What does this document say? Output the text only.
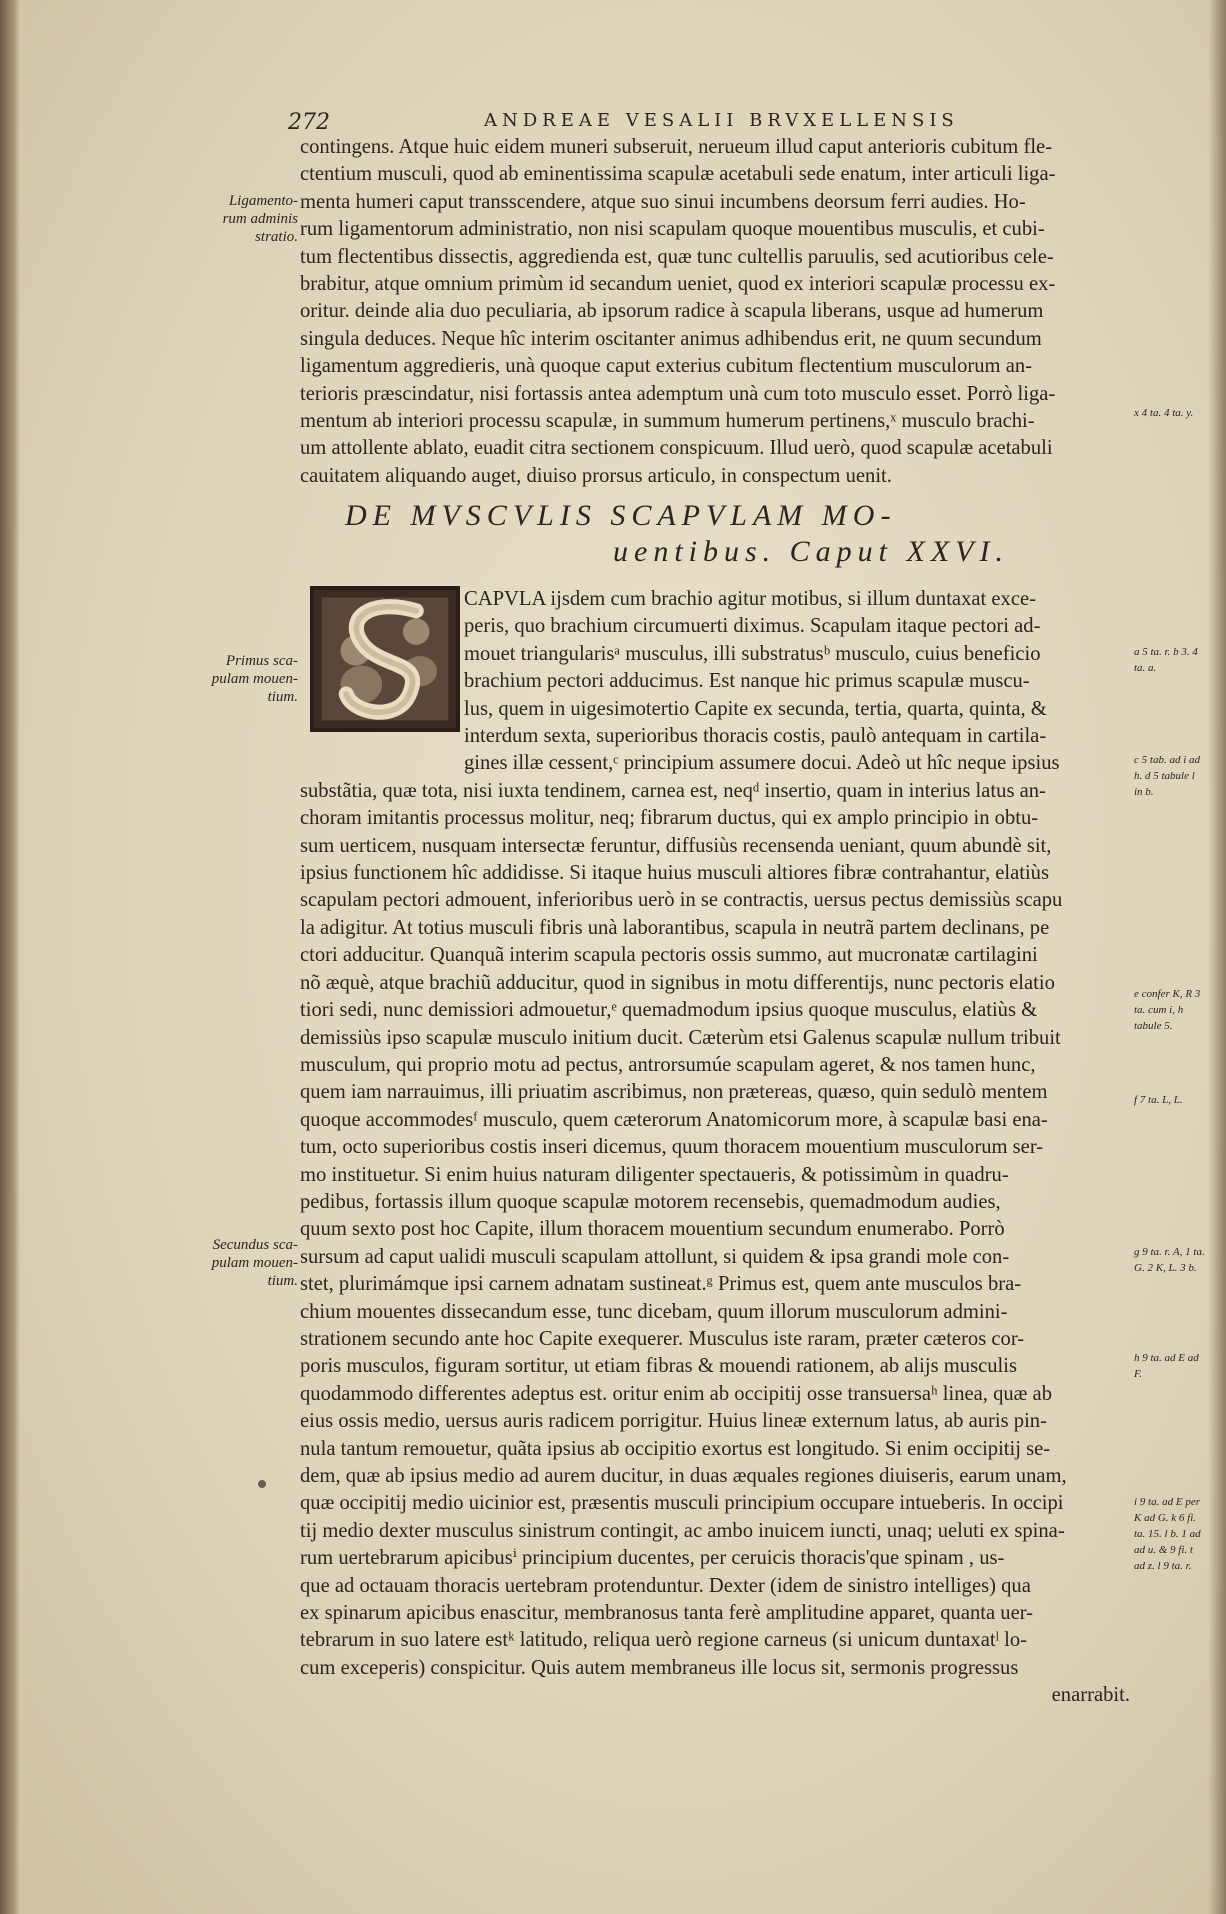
272	ANDREAE VESALII BRVXELLENSIS
contingens. Atque huic eidem muneri subseruit, nerueum illud caput anterioris cubitum fle-
ctentium musculi, quod ab eminentissima scapulæ acetabuli sede enatum, inter articuli liga-
menta humeri caput transscendere, atque suo sinui incumbens deorsum ferri audies. Ho-
rum ligamentorum administratio, non nisi scapulam quoque mouentibus musculis, et cubi-
tum flectentibus dissectis, aggredienda est, quæ tunc cultellis paruulis, sed acutioribus cele-
brabitur, atque omnium primùm id secandum ueniet, quod ex interiori scapulæ processu ex-
oritur. deinde alia duo peculiaria, ab ipsorum radice à scapula liberans, usque ad humerum
singula deduces. Neque hîc interim oscitanter animus adhibendus erit, ne quum secundum
ligamentum aggredieris, unà quoque caput exterius cubitum flectentium musculorum an-
terioris præscindatur, nisi fortassis antea ademptum unà cum toto musculo esset. Porrò liga-
mentum ab interiori processu scapulæ, in summum humerum pertinens,ˣ musculo brachi-
um attollente ablato, euadit citra sectionem conspicuum. Illud uerò, quod scapulæ acetabuli
cauitatem aliquando auget, diuiso prorsus articulo, in conspectum uenit.
Ligamento- rum adminis stratio.
x 4 ta. 4 ta. y.
DE MVSCVLIS SCAPVLAM MO-
uentibus. Caput XXVI.
CAPVLA ijsdem cum brachio agitur motibus, si illum duntaxat exce-
peris, quo brachium circumuerti diximus. Scapulam itaque pectori ad-
mouet triangularisᵃ musculus, illi substratusᵇ musculo, cuius beneficio
brachium pectori adducimus. Est nanque hic primus scapulæ muscu-
lus, quem in uigesimotertio Capite ex secunda, tertia, quarta, quinta, &
interdum sexta, superioribus thoracis costis, paulò antequam in cartila-
gines illæ cessent,ᶜ principium assumere docui. Adeò ut hîc neque ipsius
substãtia, quæ tota, nisi iuxta tendinem, carnea est, neqᵈ insertio, quam in interius latus an-
choram imitantis processus molitur, neq; fibrarum ductus, qui ex amplo principio in obtu-
sum uerticem, nusquam intersectæ feruntur, diffusiùs recensenda ueniant, quum abundè sit,
ipsius functionem hîc addidisse. Si itaque huius musculi altiores fibræ contrahantur, elatiùs
scapulam pectori admouent, inferioribus uerò in se contractis, uersus pectus demissiùs scapu
la adigitur. At totius musculi fibris unà laborantibus, scapula in neutrã partem declinans, pe
ctori adducitur. Quanquã interim scapula pectoris ossis summo, aut mucronatæ cartilagini
nõ æquè, atque brachiũ adducitur, quod in signibus in motu differentijs, nunc pectoris elatio
tiori sedi, nunc demissiori admouetur,ᵉ quemadmodum ipsius quoque musculus, elatiùs &
demissiùs ipso scapulæ musculo initium ducit. Cæterùm etsi Galenus scapulæ nullum tribuit
musculum, qui proprio motu ad pectus, antrorsumúe scapulam ageret, & nos tamen hunc,
quem iam narrauimus, illi priuatim ascribimus, non prætereas, quæso, quin sedulò mentem
quoque accommodesᶠ musculo, quem cæterorum Anatomicorum more, à scapulæ basi ena-
tum, octo superioribus costis inseri dicemus, quum thoracem mouentium musculorum ser-
mo instituetur. Si enim huius naturam diligenter spectaueris, & potissimùm in quadru-
pedibus, fortassis illum quoque scapulæ motorem recensebis, quemadmodum audies,
quum sexto post hoc Capite, illum thoracem mouentium secundum enumerabo. Porrò
sursum ad caput ualidi musculi scapulam attollunt, si quidem & ipsa grandi mole con-
stet, plurimámque ipsi carnem adnatam sustineat.ᵍ Primus est, quem ante musculos bra-
chium mouentes dissecandum esse, tunc dicebam, quum illorum musculorum admini-
strationem secundo ante hoc Capite exequerer. Musculus iste raram, præter cæteros cor-
poris musculos, figuram sortitur, ut etiam fibras & mouendi rationem, ab alijs musculis
quodammodo differentes adeptus est. oritur enim ab occipitij osse transuersaʰ linea, quæ ab
eius ossis medio, uersus auris radicem porrigitur. Huius lineæ externum latus, ab auris pin-
nula tantum remouetur, quãta ipsius ab occipitio exortus est longitudo. Si enim occipitij se-
dem, quæ ab ipsius medio ad aurem ducitur, in duas æquales regiones diuiseris, earum unam,
quæ occipitij medio uicinior est, præsentis musculi principium occupare intueberis. In occipi
tij medio dexter musculus sinistrum contingit, ac ambo inuicem iuncti, unaq; ueluti ex spina-
rum uertebrarum apicibusⁱ principium ducentes, per ceruicis thoracis'que spinam , us-
que ad octauam thoracis uertebram protenduntur. Dexter (idem de sinistro intelliges) qua
ex spinarum apicibus enascitur, membranosus tanta ferè amplitudine apparet, quanta uer-
tebrarum in suo latere estᵏ latitudo, reliqua uerò regione carneus (si unicum duntaxatˡ lo-
cum exceperis) conspicitur. Quis autem membraneus ille locus sit, sermonis progressus
enarrabit.
Primus sca- pulam mouen- tium.
Secundus sca- pulam mouen- tium.
a 5 ta. r. b 3. 4 ta. a.
c 5 tab. ad i ad h. d 5 tabule l in b.
e confer K, R 3 ta. cum i, h tabule 5.
f 7 ta. L, L.
g 9 ta. r. A, 1 ta. G. 2 K, L. 3 b.
h 9 ta. ad E ad F.
i 9 ta. ad E per K ad G. k 6 fi. ta. 15. l b. 1 ad ad u. & 9 fi. t ad z. l 9 ta. r.
